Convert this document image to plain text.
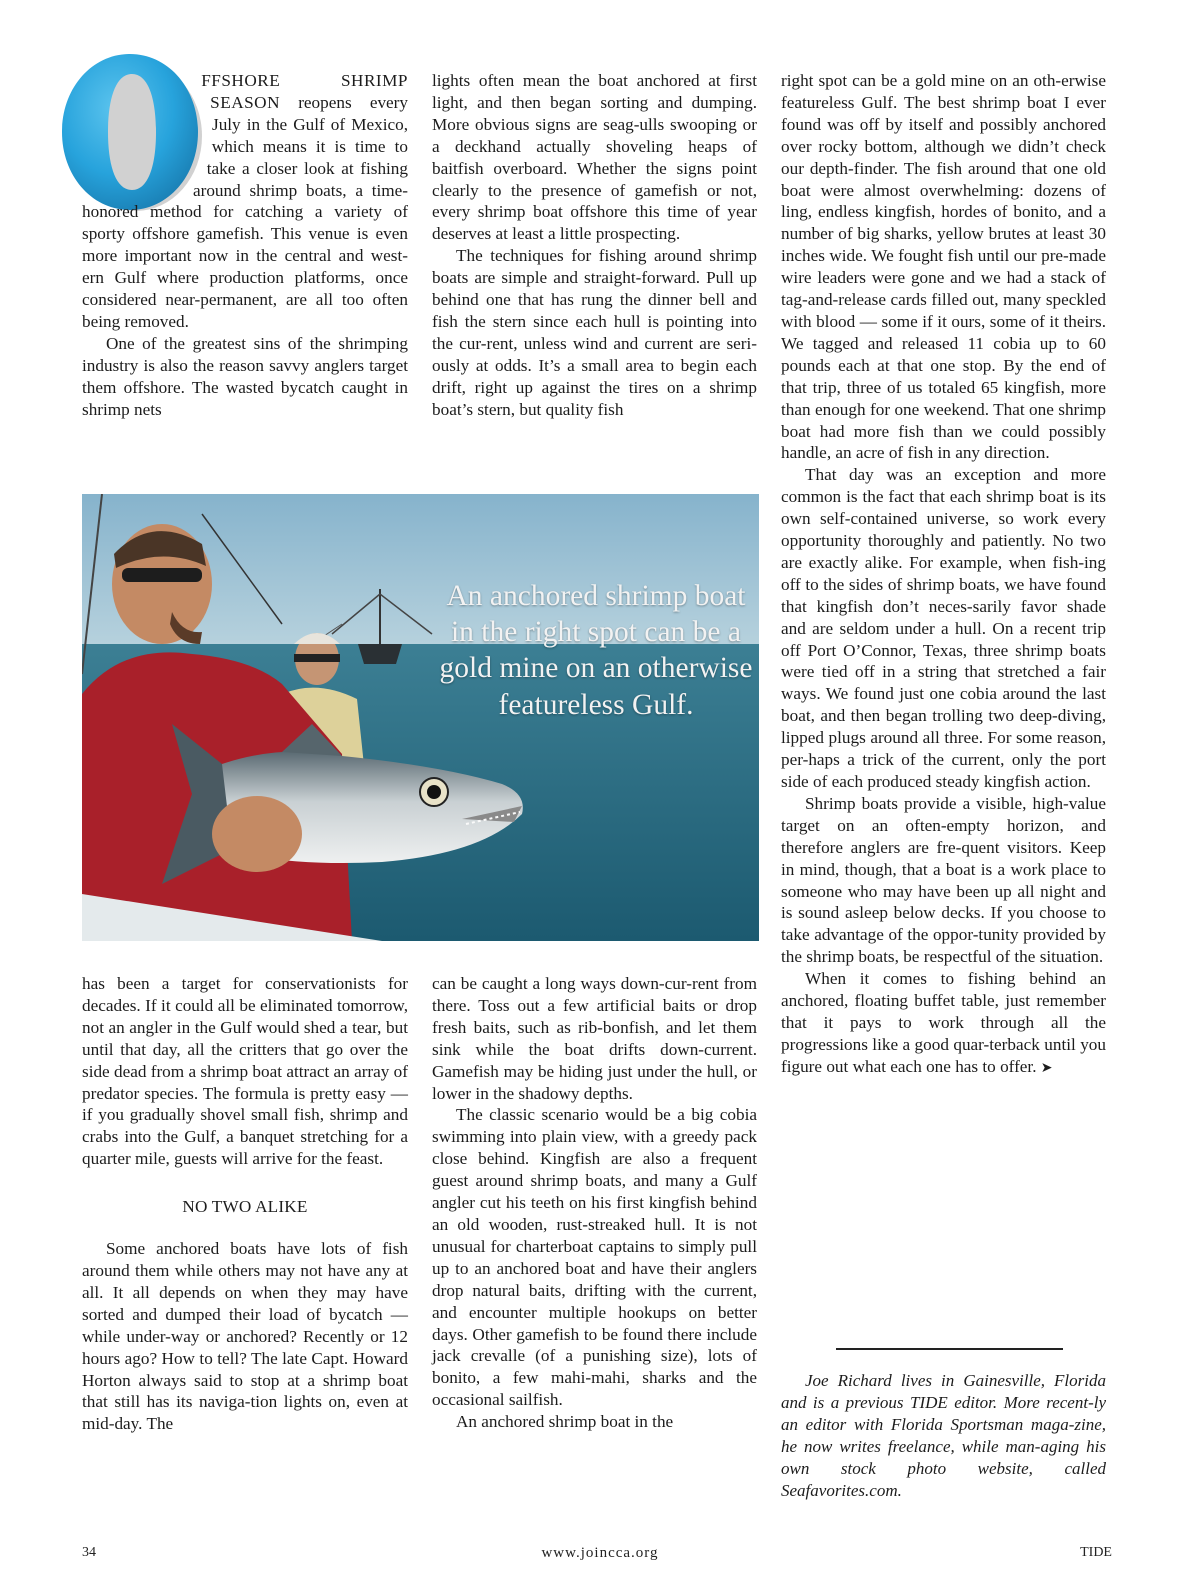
FFSHORE SHRIMP SEASON reopens every July in the Gulf of Mexico, which means it is time to take a closer look at fishing around shrimp boats, a time-honored method for catching a variety of sporty offshore gamefish. This venue is even more important now in the central and west-ern Gulf where production platforms, once considered near-permanent, are all too often being removed.

One of the greatest sins of the shrimping industry is also the reason savvy anglers target them offshore. The wasted bycatch caught in shrimp nets

lights often mean the boat anchored at first light, and then began sorting and dumping. More obvious signs are seag-ulls swooping or a deckhand actually shoveling heaps of baitfish overboard. Whether the signs point clearly to the presence of gamefish or not, every shrimp boat offshore this time of year deserves at least a little prospecting.

The techniques for fishing around shrimp boats are simple and straight-forward. Pull up behind one that has rung the dinner bell and fish the stern since each hull is pointing into the cur-rent, unless wind and current are seri-ously at odds. It’s a small area to begin each drift, right up against the tires on a shrimp boat’s stern, but quality fish

right spot can be a gold mine on an oth-erwise featureless Gulf. The best shrimp boat I ever found was off by itself and possibly anchored over rocky bottom, although we didn’t check our depth-finder. The fish around that one old boat were almost overwhelming: dozens of ling, endless kingfish, hordes of bonito, and a number of big sharks, yellow brutes at least 30 inches wide. We fought fish until our pre-made wire leaders were gone and we had a stack of tag-and-release cards filled out, many speckled with blood — some if it ours, some of it theirs. We tagged and released 11 cobia up to 60 pounds each at that one stop. By the end of that trip, three of us totaled 65 kingfish, more than enough for one weekend. That one shrimp boat had more fish than we could possibly handle, an acre of fish in any direction.

That day was an exception and more common is the fact that each shrimp boat is its own self-contained universe, so work every opportunity thoroughly and patiently. No two are exactly alike. For example, when fish-ing off to the sides of shrimp boats, we have found that kingfish don’t neces-sarily favor shade and are seldom under a hull. On a recent trip off Port O’Connor, Texas, three shrimp boats were tied off in a string that stretched a fair ways. We found just one cobia around the last boat, and then began trolling two deep-diving, lipped plugs around all three. For some reason, per-haps a trick of the current, only the port side of each produced steady kingfish action.

Shrimp boats provide a visible, high-value target on an often-empty horizon, and therefore anglers are fre-quent visitors. Keep in mind, though, that a boat is a work place to someone who may have been up all night and is sound asleep below decks. If you choose to take advantage of the oppor-tunity provided by the shrimp boats, be respectful of the situation.

When it comes to fishing behind an anchored, floating buffet table, just remember that it pays to work through all the progressions like a good quar-terback until you figure out what each one has to offer. ➤

An anchored shrimp boat in the right spot can be a gold mine on an otherwise featureless Gulf.

has been a target for conservationists for decades. If it could all be eliminated tomorrow, not an angler in the Gulf would shed a tear, but until that day, all the critters that go over the side dead from a shrimp boat attract an array of predator species. The formula is pretty easy — if you gradually shovel small fish, shrimp and crabs into the Gulf, a banquet stretching for a quarter mile, guests will arrive for the feast.

NO TWO ALIKE

Some anchored boats have lots of fish around them while others may not have any at all. It all depends on when they may have sorted and dumped their load of bycatch — while under-way or anchored? Recently or 12 hours ago? How to tell? The late Capt. Howard Horton always said to stop at a shrimp boat that still has its naviga-tion lights on, even at mid-day. The

can be caught a long ways down-cur-rent from there. Toss out a few artificial baits or drop fresh baits, such as rib-bonfish, and let them sink while the boat drifts down-current. Gamefish may be hiding just under the hull, or lower in the shadowy depths.

The classic scenario would be a big cobia swimming into plain view, with a greedy pack close behind. Kingfish are also a frequent guest around shrimp boats, and many a Gulf angler cut his teeth on his first kingfish behind an old wooden, rust-streaked hull. It is not unusual for charterboat captains to simply pull up to an anchored boat and have their anglers drop natural baits, drifting with the current, and encounter multiple hookups on better days. Other gamefish to be found there include jack crevalle (of a punishing size), lots of bonito, a few mahi-mahi, sharks and the occasional sailfish.

An anchored shrimp boat in the

Joe Richard lives in Gainesville, Florida and is a previous TIDE editor. More recent-ly an editor with Florida Sportsman maga-zine, he now writes freelance, while man-aging his own stock photo website, called Seafavorites.com.

34	www.joincca.org	TIDE
